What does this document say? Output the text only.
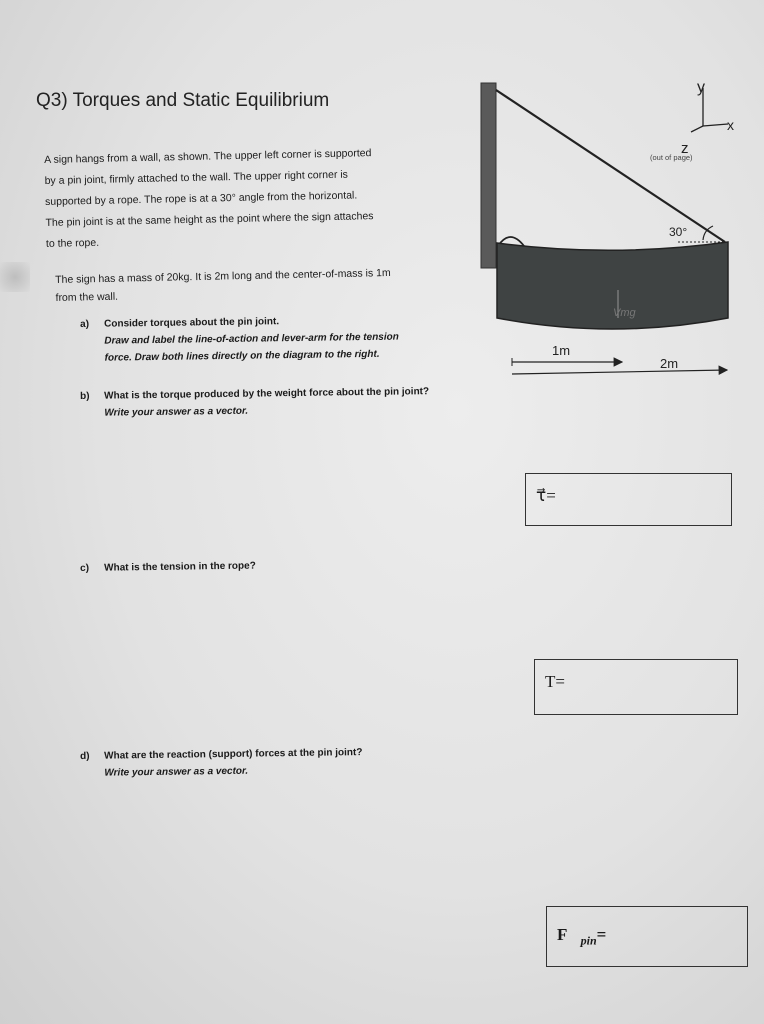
Q3) Torques and Static Equilibrium
A sign hangs from a wall, as shown. The upper left corner is supported
by a pin joint, firmly attached to the wall. The upper right corner is
supported by a rope. The rope is at a 30° angle from the horizontal.
The pin joint is at the same height as the point where the sign attaches
to the rope.
The sign has a mass of 20kg. It is 2m long and the center-of-mass is 1m
from the wall.
a) Consider torques about the pin joint.
Draw and label the line-of-action and lever-arm for the tension
force. Draw both lines directly on the diagram to the right.
b) What is the torque produced by the weight force about the pin joint?
Write your answer as a vector.
c) What is the tension in the rope?
d) What are the reaction (support) forces at the pin joint?
Write your answer as a vector.
τ⃗=
T=
$F⃗_{pin}=$
y
x
z
(out of page)
30°
Vmg
1m
2m
